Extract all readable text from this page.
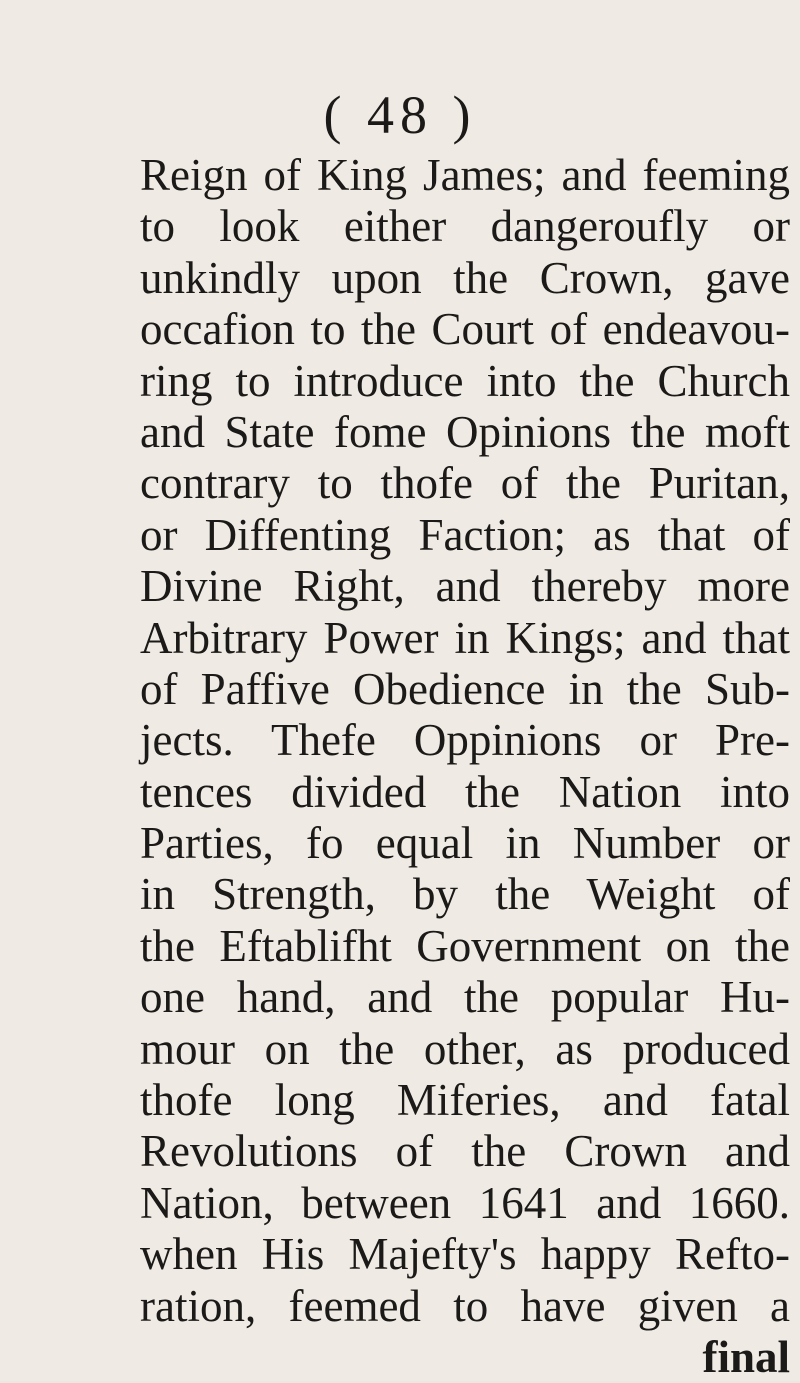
( 48 )
Reign of King James; and feeming
to look either dangeroufly or
unkindly upon the Crown, gave
occafion to the Court of endeavou-
ring to introduce into the Church
and State fome Opinions the moft
contrary to thofe of the Puritan,
or Diffenting Faction; as that of
Divine Right, and thereby more
Arbitrary Power in Kings; and that
of Paffive Obedience in the Sub-
jects. Thefe Oppinions or Pre-
tences divided the Nation into
Parties, fo equal in Number or
in Strength, by the Weight of
the Eftablifht Government on the
one hand, and the popular Hu-
mour on the other, as produced
thofe long Miferies, and fatal
Revolutions of the Crown and
Nation, between 1641 and 1660.
when His Majefty's happy Refto-
ration, feemed to have given a
final
